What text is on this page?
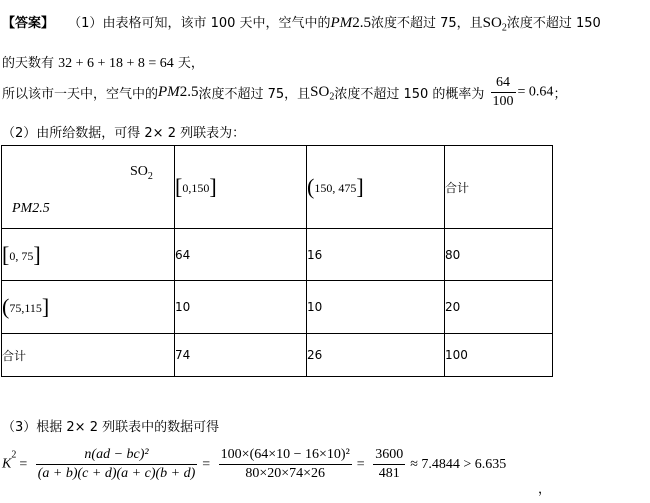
【答案】 （1）由表格可知，该市 100 天中，空气中的PM2.5浓度不超过 75，且$SO_2$浓度不超过 150
的天数有 32 + 6 + 18 + 8 = 64 天，
所以该市一天中，空气中的PM2.5浓度不超过 75，且$SO_2$浓度不超过 150 的概率为 $\frac{64}{100} = 0.64$；
（2）由所给数据，可得 2× 2 列联表为：
$SO_2$
PM2.5	[0,150]	(150, 475]	合计
[0, 75]	64	16	80
(75,115]	10	10	20
合计	74	26	100
（3）根据 2× 2 列联表中的数据可得
$K^2= \frac{\text{n(ad − bc)²}}{(a + b)(c + d)(a + c)(b + d)} = \frac{\text{100×(64×10 − 16×10)²}}{80\times 20\times 74\times 26} = \frac{3600}{481} \approx 7.4844 > 6.635$
，
